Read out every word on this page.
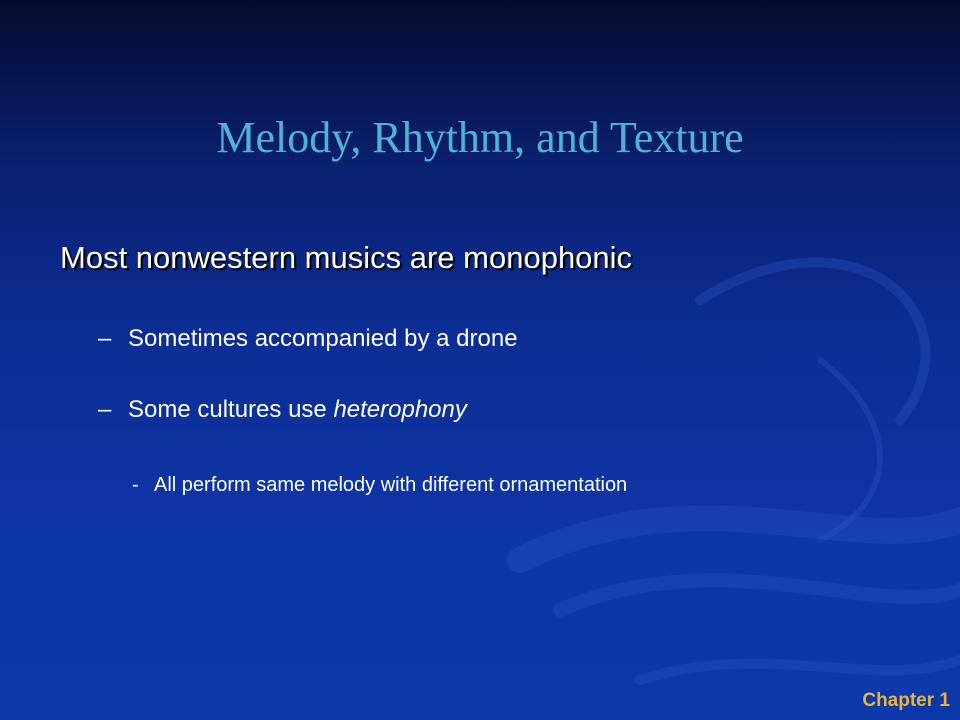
Melody, Rhythm, and Texture
Most nonwestern musics are monophonic
– Sometimes accompanied by a drone
– Some cultures use heterophony
- All perform same melody with different ornamentation
Chapter 1
